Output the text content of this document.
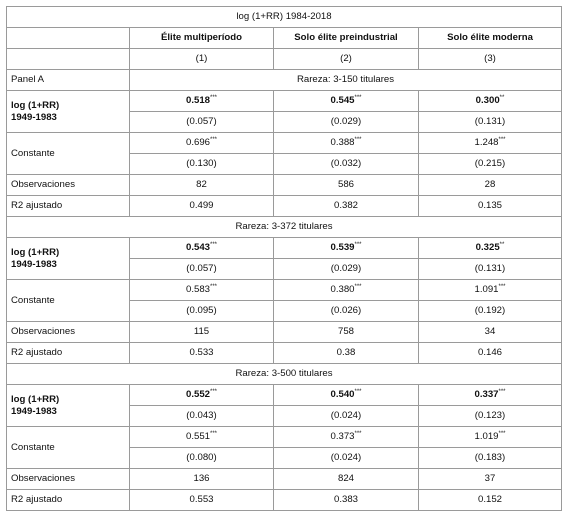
log (1+RR) 1984-2018			
	Élite multiperíodo	Solo élite preindustrial	Solo élite moderna
	(1)	(2)	(3)
Panel A	Rareza: 3-150 titulares		

log (1+RR)
1949-1983	0.518***	0.545***	0.300**
	(0.057)	(0.029)	(0.131)

Constante	0.696***	0.388***	1.248***
	(0.130)	(0.032)	(0.215)
Observaciones	82	586	28
R2 ajustado	0.499	0.382	0.135
Rareza: 3-372 titulares			

log (1+RR)
1949-1983	0.543***	0.539***	0.325**
	(0.057)	(0.029)	(0.131)

Constante	0.583***	0.380***	1.091***
	(0.095)	(0.026)	(0.192)
Observaciones	115	758	34
R2 ajustado	0.533	0.38	0.146
Rareza: 3-500 titulares			

log (1+RR)
1949-1983	0.552***	0.540***	0.337***
	(0.043)	(0.024)	(0.123)

Constante	0.551***	0.373***	1.019***
	(0.080)	(0.024)	(0.183)
Observaciones	136	824	37
R2 ajustado	0.553	0.383	0.152
